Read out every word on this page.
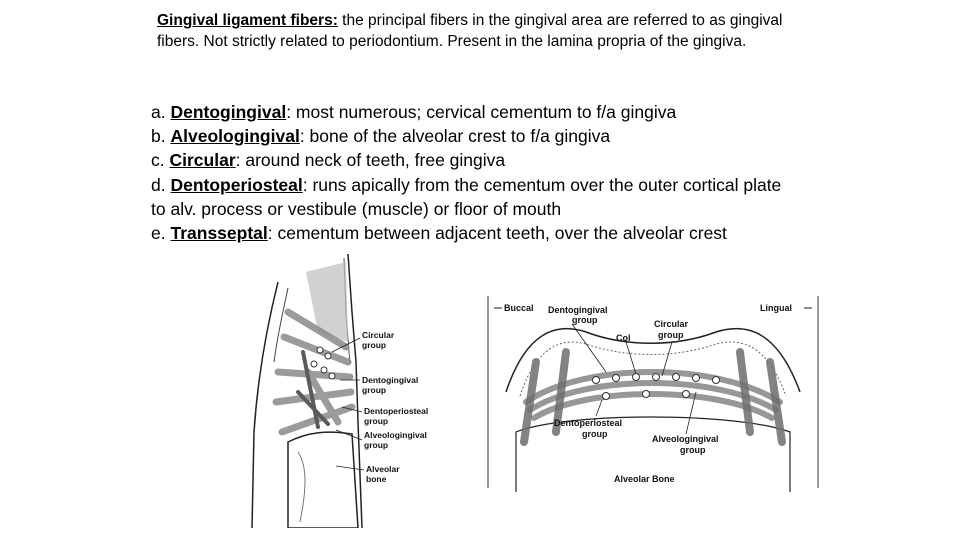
Gingival ligament fibers: the principal fibers in the gingival area are referred to as gingival fibers. Not strictly related to periodontium. Present in the lamina propria of the gingiva.

a. Dentogingival: most numerous; cervical cementum to f/a gingiva
b. Alveologingival: bone of the alveolar crest to f/a gingiva
c. Circular: around neck of teeth, free gingiva
d. Dentoperiosteal: runs apically from the cementum over the outer cortical plate to alv. process or vestibule (muscle) or floor of mouth
e. Transseptal: cementum between adjacent teeth, over the alveolar crest
Circular
group
Dentogingival
group
Dentoperiosteal
group
Alveologingival
group
Alveolar
bone
Buccal	Lingual
Dentogingival
group
Col
Circular
group
Dentoperiosteal
group	Alveologingival
group
Alveolar Bone
